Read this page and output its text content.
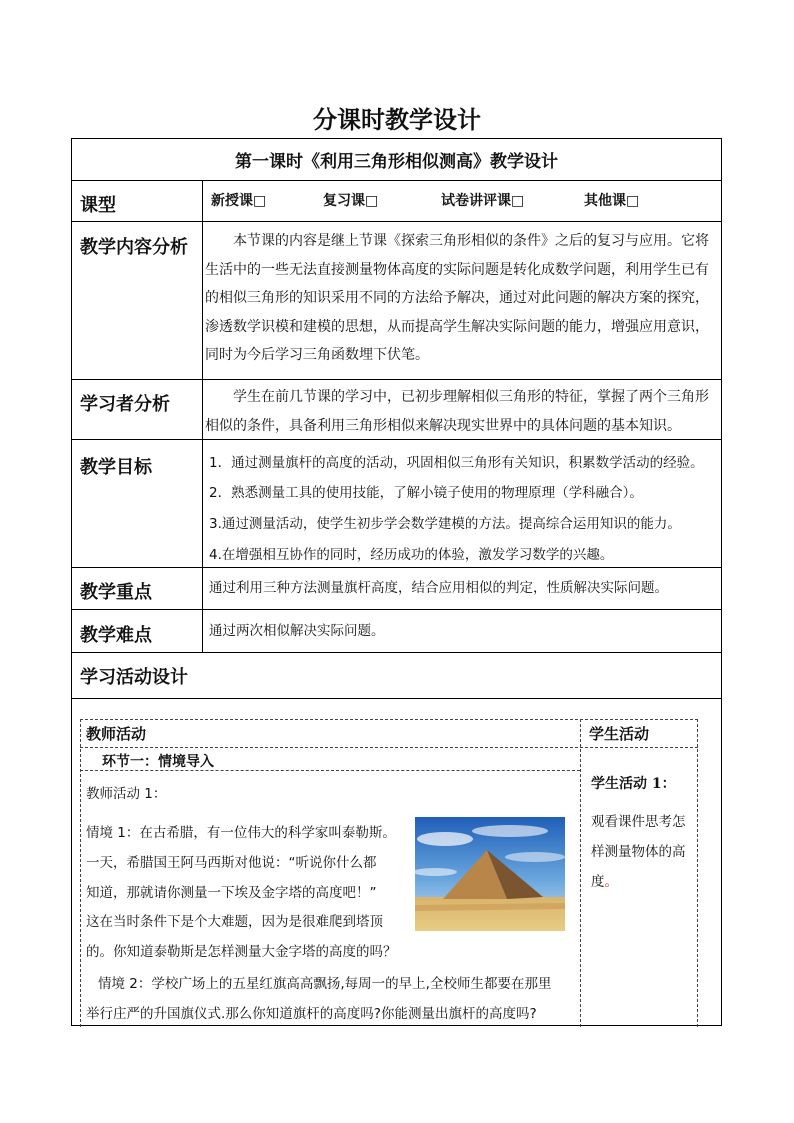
分课时教学设计
第一课时《利用三角形相似测高》教学设计
课型	新授课□	复习课□	试卷讲评课□	其他课□
教学内容分析	本节课的内容是继上节课《探索三角形相似的条件》之后的复习与应用。它将
生活中的一些无法直接测量物体高度的实际问题是转化成数学问题，利用学生已有
的相似三角形的知识采用不同的方法给予解决，通过对此问题的解决方案的探究，
渗透数学识模和建模的思想，从而提高学生解决实际问题的能力，增强应用意识，
同时为今后学习三角函数埋下伏笔。
学习者分析	学生在前几节课的学习中，已初步理解相似三角形的特征，掌握了两个三角形
相似的条件，具备利用三角形相似来解决现实世界中的具体问题的基本知识。
教学目标	1．通过测量旗杆的高度的活动，巩固相似三角形有关知识，积累数学活动的经验。
2．熟悉测量工具的使用技能，了解小镜子使用的物理原理（学科融合）。
3.通过测量活动，使学生初步学会数学建模的方法。提高综合运用知识的能力。
4.在增强相互协作的同时，经历成功的体验，激发学习数学的兴趣。
教学重点	通过利用三种方法测量旗杆高度，结合应用相似的判定，性质解决实际问题。
教学难点	通过两次相似解决实际问题。
学习活动设计
教师活动	学生活动
环节一：情境导入
教师活动 1：
情境 1：在古希腊，有一位伟大的科学家叫泰勒斯。
一天，希腊国王阿马西斯对他说：“听说你什么都
知道，那就请你测量一下埃及金字塔的高度吧！”
这在当时条件下是个大难题，因为是很难爬到塔顶
的。你知道泰勒斯是怎样测量大金字塔的高度的吗？
情境 2：学校广场上的五星红旗高高飘扬,每周一的早上,全校师生都要在那里
举行庄严的升国旗仪式.那么你知道旗杆的高度吗?你能测量出旗杆的高度吗?
学生活动 1：
观看课件思考怎
样测量物体的高
度。
